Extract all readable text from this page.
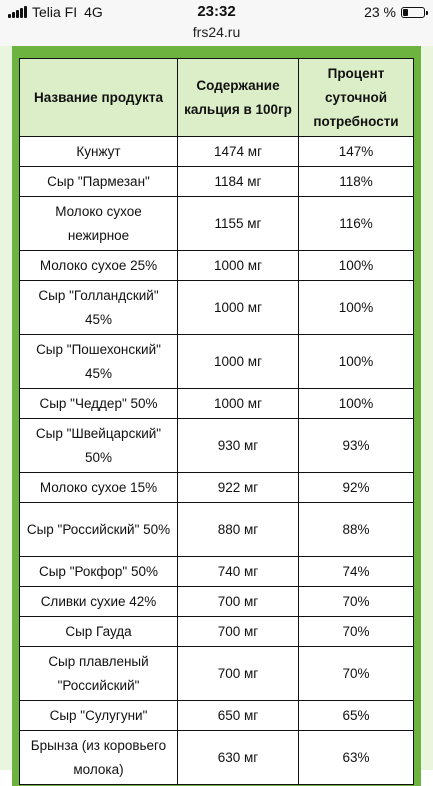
Telia FI 4G	23:32	23 %
frs24.ru
Название продукта	Содержание кальция в 100гр	Процент суточной потребности
Кунжут	1474 мг	147%
Сыр "Пармезан"	1184 мг	118%
Молоко сухое нежирное	1155 мг	116%
Молоко сухое 25%	1000 мг	100%
Сыр "Голландский" 45%	1000 мг	100%
Сыр "Пошехонский" 45%	1000 мг	100%
Сыр "Чеддер" 50%	1000 мг	100%
Сыр "Швейцарский" 50%	930 мг	93%
Молоко сухое 15%	922 мг	92%
Сыр "Российский" 50%	880 мг	88%
Сыр "Рокфор" 50%	740 мг	74%
Сливки сухие 42%	700 мг	70%
Сыр Гауда	700 мг	70%
Сыр плавленый "Российский"	700 мг	70%
Сыр "Сулугуни"	650 мг	65%
Брынза (из коровьего молока)	630 мг	63%
